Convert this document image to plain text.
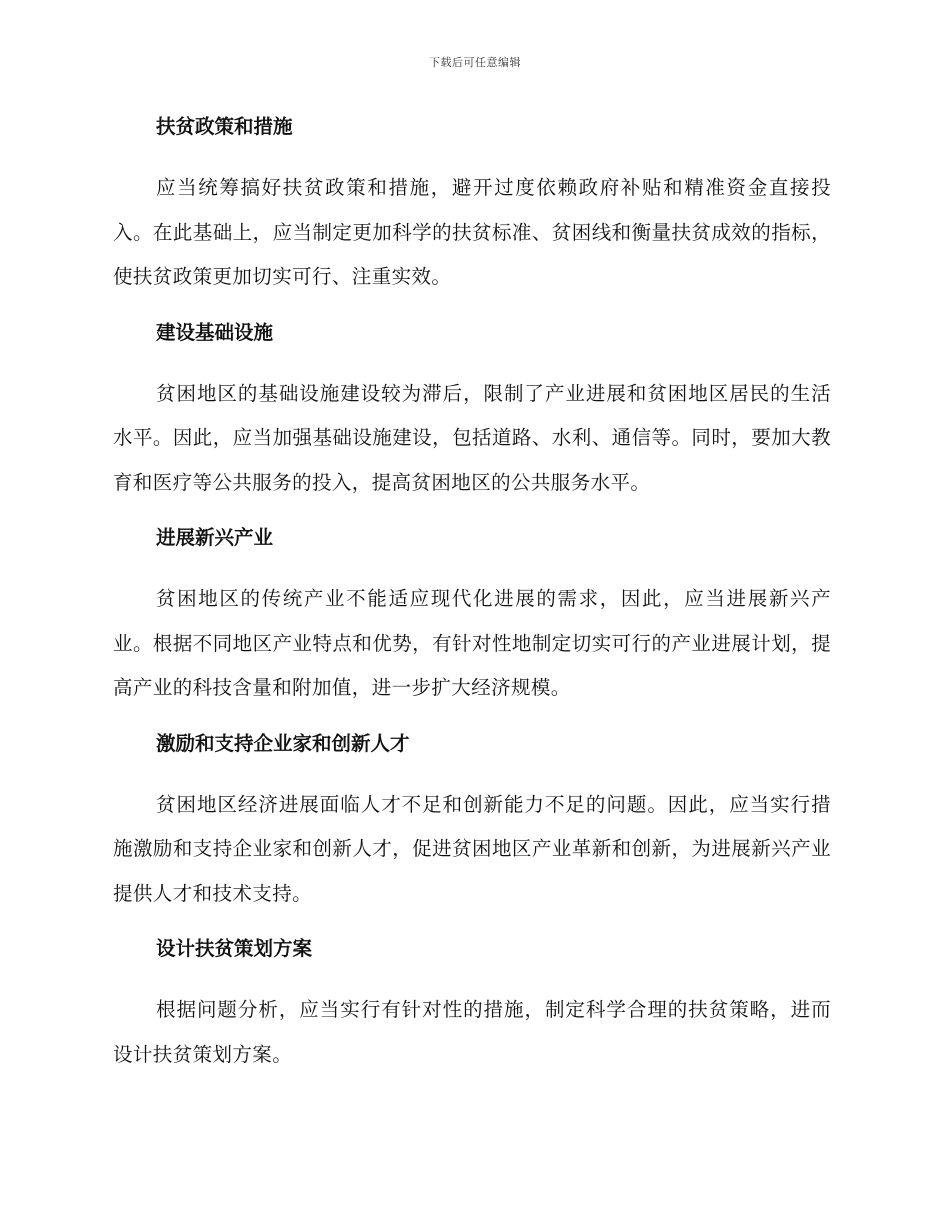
下载后可任意编辑
扶贫政策和措施

应当统筹搞好扶贫政策和措施，避开过度依赖政府补贴和精准资金直接投入。在此基础上，应当制定更加科学的扶贫标准、贫困线和衡量扶贫成效的指标，使扶贫政策更加切实可行、注重实效。

建设基础设施

贫困地区的基础设施建设较为滞后，限制了产业进展和贫困地区居民的生活水平。因此，应当加强基础设施建设，包括道路、水利、通信等。同时，要加大教育和医疗等公共服务的投入，提高贫困地区的公共服务水平。

进展新兴产业

贫困地区的传统产业不能适应现代化进展的需求，因此，应当进展新兴产业。根据不同地区产业特点和优势，有针对性地制定切实可行的产业进展计划，提高产业的科技含量和附加值，进一步扩大经济规模。

激励和支持企业家和创新人才

贫困地区经济进展面临人才不足和创新能力不足的问题。因此，应当实行措施激励和支持企业家和创新人才，促进贫困地区产业革新和创新，为进展新兴产业提供人才和技术支持。

设计扶贫策划方案

根据问题分析，应当实行有针对性的措施，制定科学合理的扶贫策略，进而设计扶贫策划方案。
